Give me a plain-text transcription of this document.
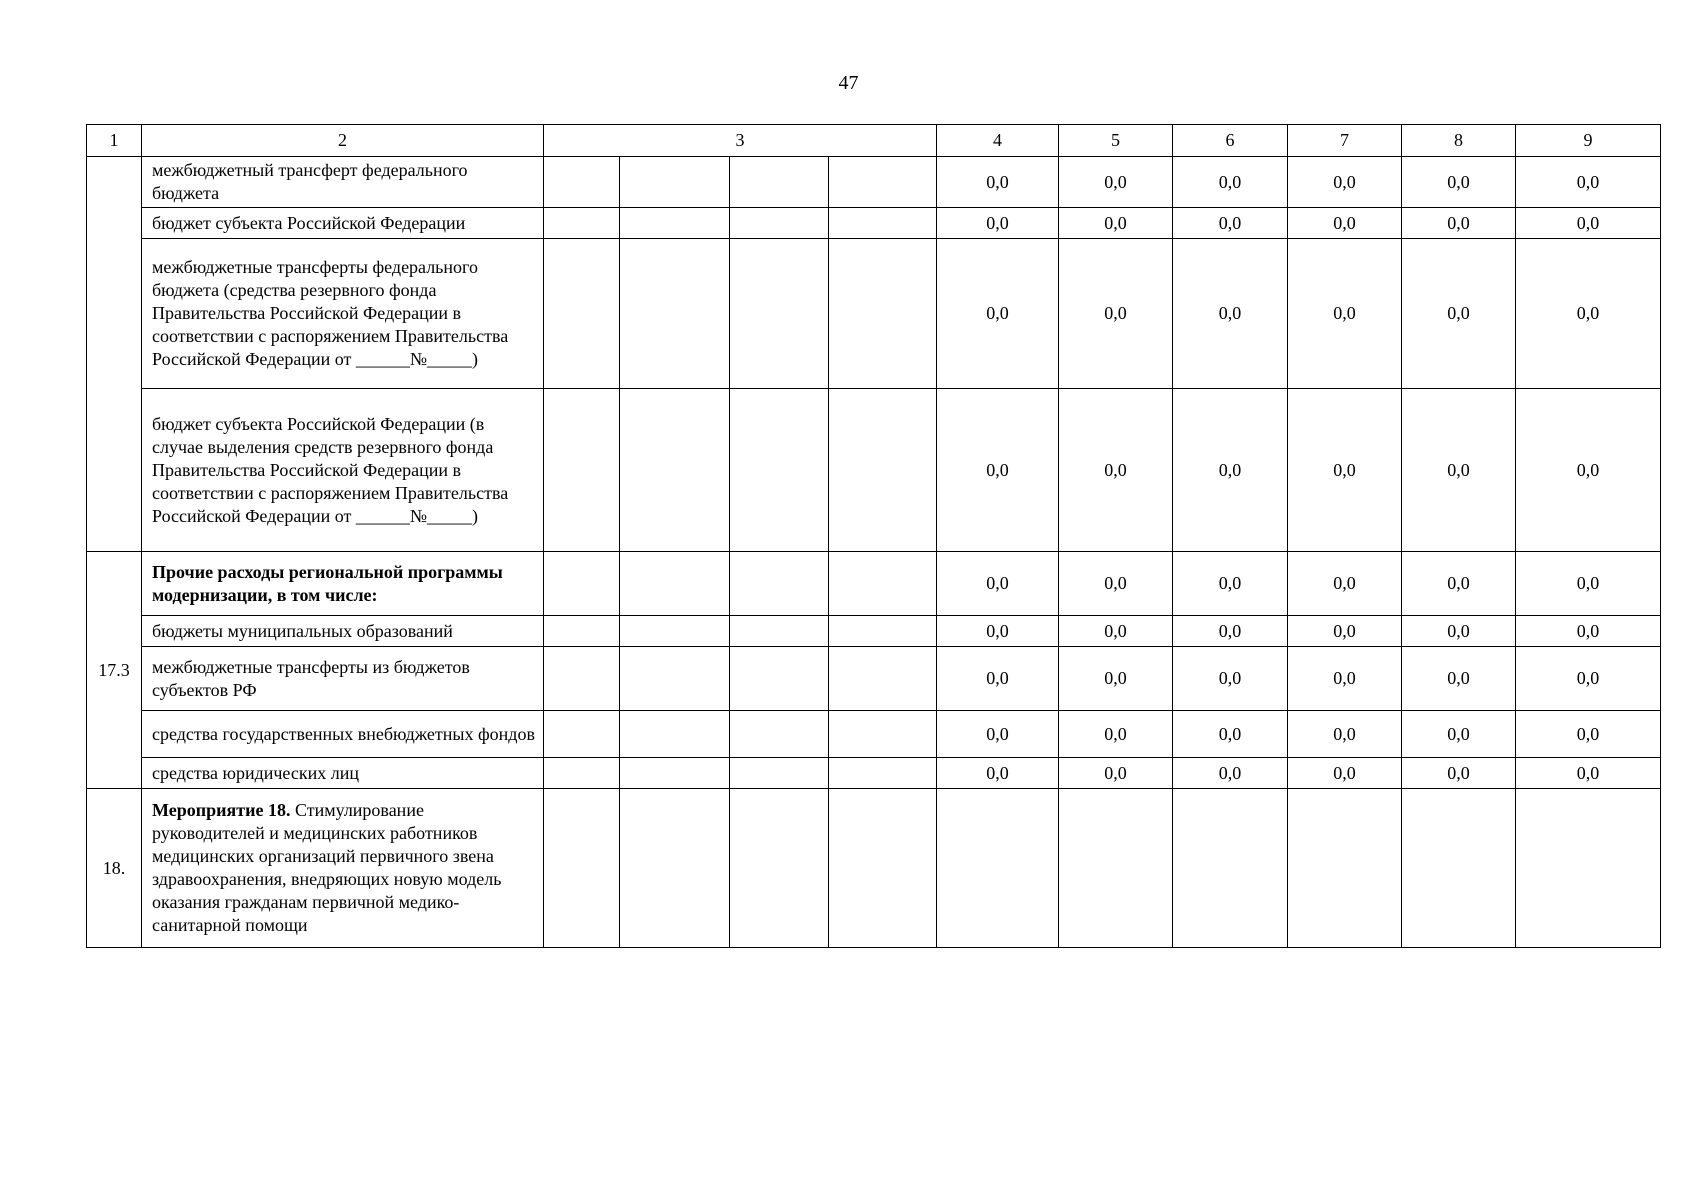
47
1	2	3				4	5	6	7	8	9
	межбюджетный трансферт федерального бюджета					0,0	0,0	0,0	0,0	0,0	0,0
	бюджет субъекта Российской Федерации					0,0	0,0	0,0	0,0	0,0	0,0
	межбюджетные трансферты федерального бюджета (средства резервного фонда Правительства Российской Федерации в соответствии с распоряжением Правительства Российской Федерации от ______№_____)					0,0	0,0	0,0	0,0	0,0	0,0
	бюджет субъекта Российской Федерации (в случае выделения средств резервного фонда Правительства Российской Федерации в соответствии с распоряжением Правительства Российской Федерации от ______№_____)					0,0	0,0	0,0	0,0	0,0	0,0
17.3	Прочие расходы региональной программы модернизации, в том числе:					0,0	0,0	0,0	0,0	0,0	0,0
	бюджеты муниципальных образований					0,0	0,0	0,0	0,0	0,0	0,0
	межбюджетные трансферты из бюджетов субъектов РФ					0,0	0,0	0,0	0,0	0,0	0,0
	средства государственных внебюджетных фондов					0,0	0,0	0,0	0,0	0,0	0,0
	средства юридических лиц					0,0	0,0	0,0	0,0	0,0	0,0
18.	Мероприятие 18. Стимулирование руководителей и медицинских работников медицинских организаций первичного звена здравоохранения, внедряющих новую модель оказания гражданам первичной медико-санитарной помощи										
